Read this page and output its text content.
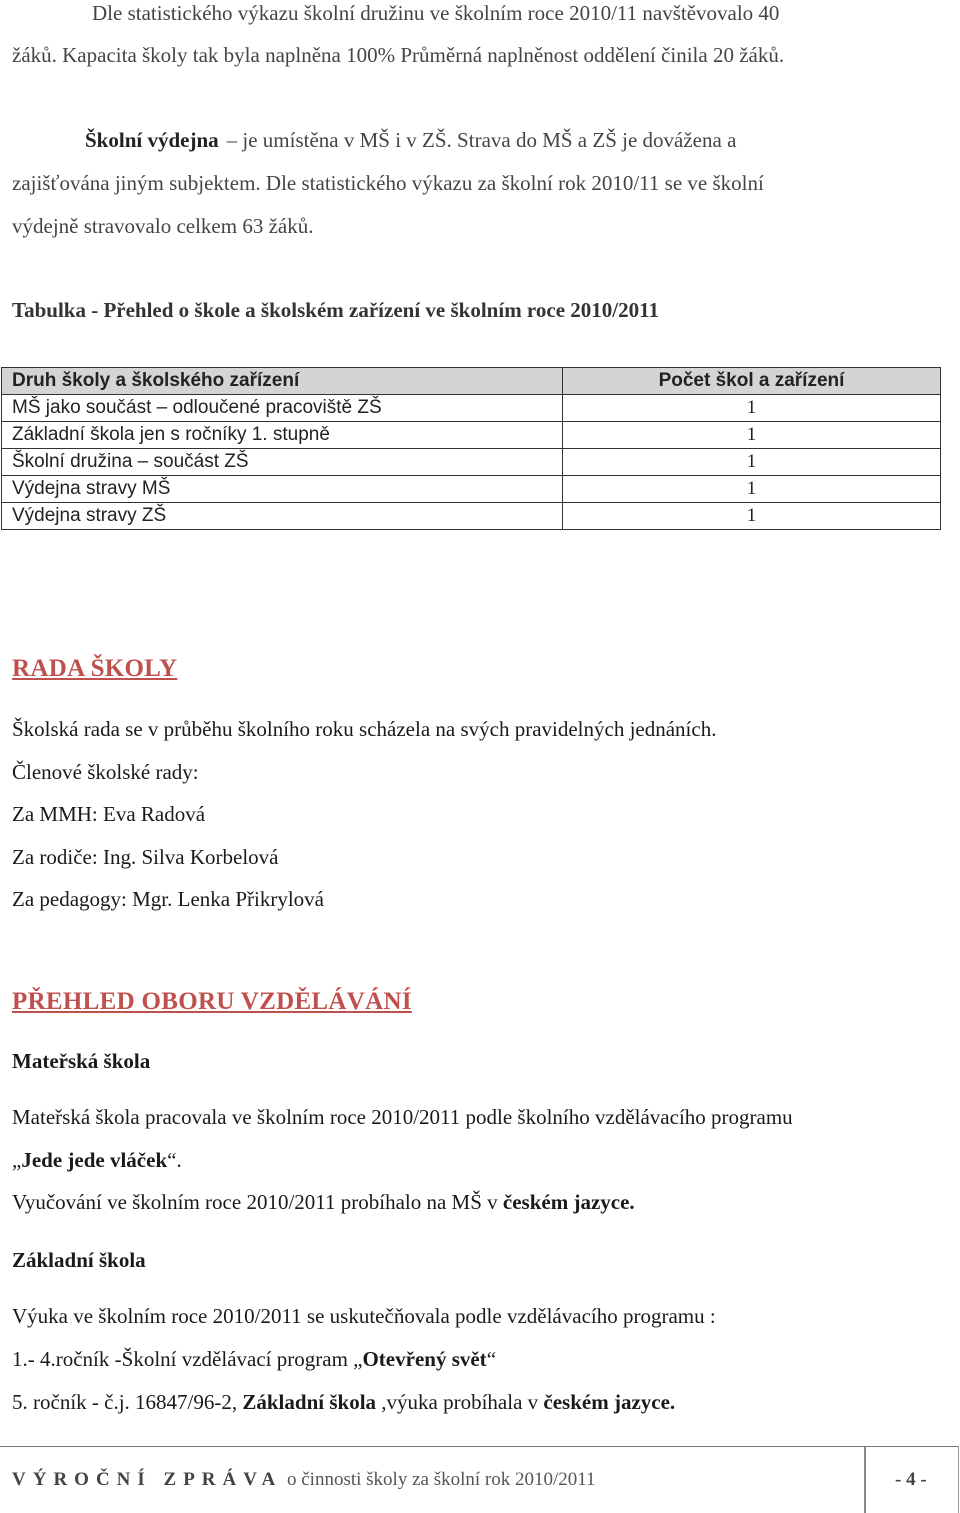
Dle statistického výkazu školní družinu ve školním roce 2010/11 navštěvovalo 40
žáků. Kapacita školy tak byla naplněna 100% Průměrná naplněnost oddělení činila 20 žáků.
Školní výdejna – je umístěna v MŠ i v ZŠ. Strava do MŠ a ZŠ je dovážena a
zajišťována jiným subjektem. Dle statistického výkazu za školní rok 2010/11 se ve školní
výdejně stravovalo celkem 63 žáků.
Tabulka - Přehled o škole a školském zařízení ve školním roce 2010/2011
Druh školy a školského zařízení	Počet škol a zařízení
MŠ jako součást – odloučené pracoviště ZŠ	1
Základní škola jen s ročníky 1. stupně	1
Školní družina – součást ZŠ	1
Výdejna stravy MŠ	1
Výdejna stravy ZŠ	1
RADA ŠKOLY
Školská rada se v průběhu školního roku scházela na svých pravidelných jednáních.
Členové školské rady:
Za MMH: Eva Radová
Za rodiče: Ing. Silva Korbelová
Za pedagogy: Mgr. Lenka Přikrylová
PŘEHLED OBORU VZDĚLÁVÁNÍ
Mateřská škola
Mateřská škola pracovala ve školním roce 2010/2011 podle školního vzdělávacího programu
„Jede jede vláček“.
Vyučování ve školním roce 2010/2011 probíhalo na MŠ v českém jazyce.
Základní škola
Výuka ve školním roce 2010/2011 se uskutečňovala podle vzdělávacího programu :
1.- 4.ročník -Školní vzdělávací program „Otevřený svět“
5. ročník - č.j. 16847/96-2, Základní škola ,výuka probíhala v českém jazyce.
VÝROČNÍ ZPRÁVA o činnosti školy za školní rok 2010/2011	- 4 -
